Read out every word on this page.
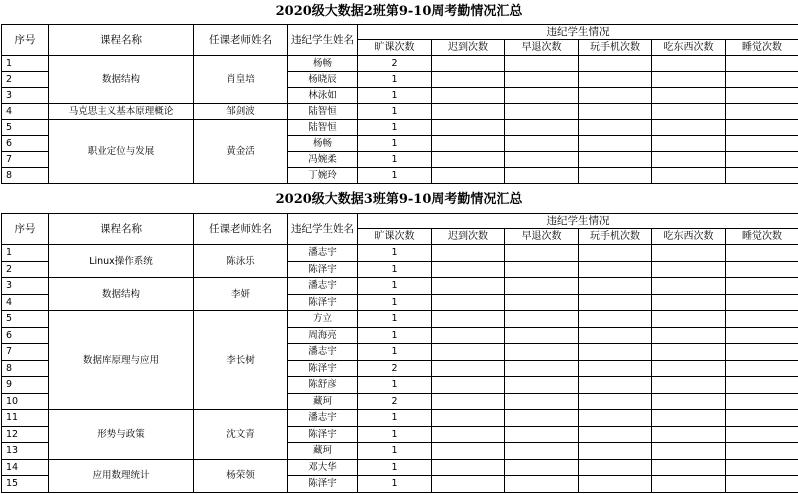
2020级大数据2班第9-10周考勤情况汇总
序号	课程名称	任课老师姓名	违纪学生姓名	违纪学生情况					
				旷课次数	迟到次数	早退次数	玩手机次数	吃东西次数	睡觉次数
1	数据结构	肖皇培	杨畅	2					
2			杨晓辰	1					
3			林泳如	1					
4	马克思主义基本原理概论	邹剑波	陆智恒	1					
5	职业定位与发展	黄金活	陆智恒	1					
6			杨畅	1					
7			冯婉柔	1					
8			丁婉玲	1					
2020级大数据3班第9-10周考勤情况汇总
序号	课程名称	任课老师姓名	违纪学生姓名	违纪学生情况					
				旷课次数	迟到次数	早退次数	玩手机次数	吃东西次数	睡觉次数
1	Linux操作系统	陈泳乐	潘志宇	1					
2			陈泽宇	1					
3	数据结构	李妍	潘志宇	1					
4			陈泽宇	1					
5	数据库原理与应用	李长树	方立	1					
6			周海亮	1					
7			潘志宇	1					
8			陈泽宇	2					
9			陈舒彦	1					
10			藏珂	2					
11	形势与政策	沈文青	潘志宇	1					
12			陈泽宇	1					
13			藏珂	1					
14	应用数理统计	杨荣领	邓大华	1					
15			陈泽宇	1					
